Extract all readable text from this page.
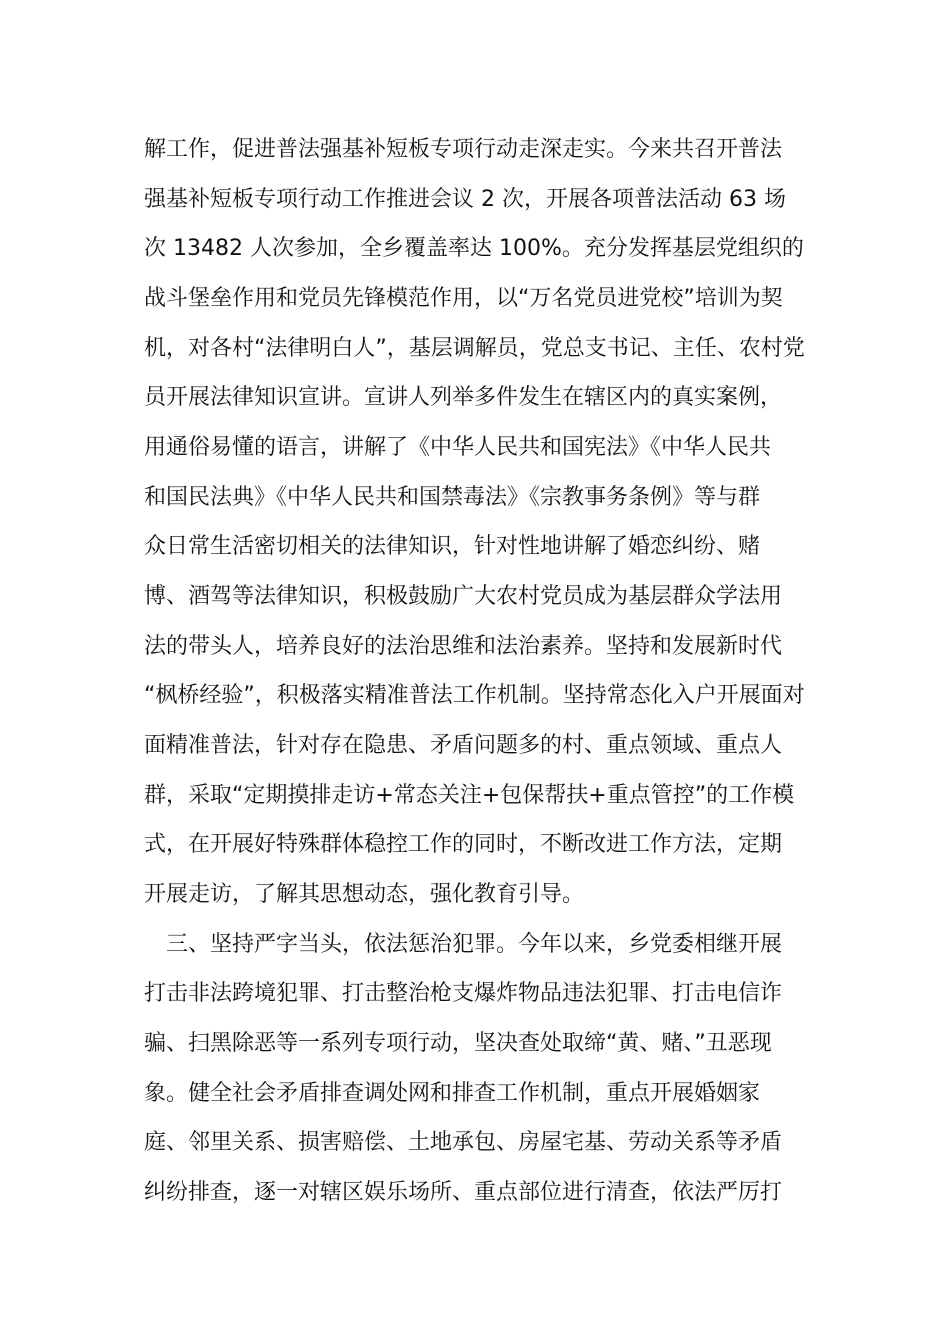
解工作，促进普法强基补短板专项行动走深走实。今来共召开普法
强基补短板专项行动工作推进会议 2 次，开展各项普法活动 63 场
次 13482 人次参加，全乡覆盖率达 100%。充分发挥基层党组织的
战斗堡垒作用和党员先锋模范作用，以“万名党员进党校”培训为契
机，对各村“法律明白人”，基层调解员，党总支书记、主任、农村党
员开展法律知识宣讲。宣讲人列举多件发生在辖区内的真实案例，
用通俗易懂的语言，讲解了《中华人民共和国宪法》《中华人民共
和国民法典》《中华人民共和国禁毒法》《宗教事务条例》等与群
众日常生活密切相关的法律知识，针对性地讲解了婚恋纠纷、赌
博、酒驾等法律知识，积极鼓励广大农村党员成为基层群众学法用
法的带头人，培养良好的法治思维和法治素养。坚持和发展新时代
“枫桥经验”，积极落实精准普法工作机制。坚持常态化入户开展面对
面精准普法，针对存在隐患、矛盾问题多的村、重点领域、重点人
群，采取“定期摸排走访+常态关注+包保帮扶+重点管控”的工作模
式，在开展好特殊群体稳控工作的同时，不断改进工作方法，定期
开展走访，了解其思想动态，强化教育引导。
三、坚持严字当头，依法惩治犯罪。今年以来，乡党委相继开展
打击非法跨境犯罪、打击整治枪支爆炸物品违法犯罪、打击电信诈
骗、扫黑除恶等一系列专项行动，坚决查处取缔“黄、赌、”丑恶现
象。健全社会矛盾排查调处网和排查工作机制，重点开展婚姻家
庭、邻里关系、损害赔偿、土地承包、房屋宅基、劳动关系等矛盾
纠纷排查，逐一对辖区娱乐场所、重点部位进行清查，依法严厉打
